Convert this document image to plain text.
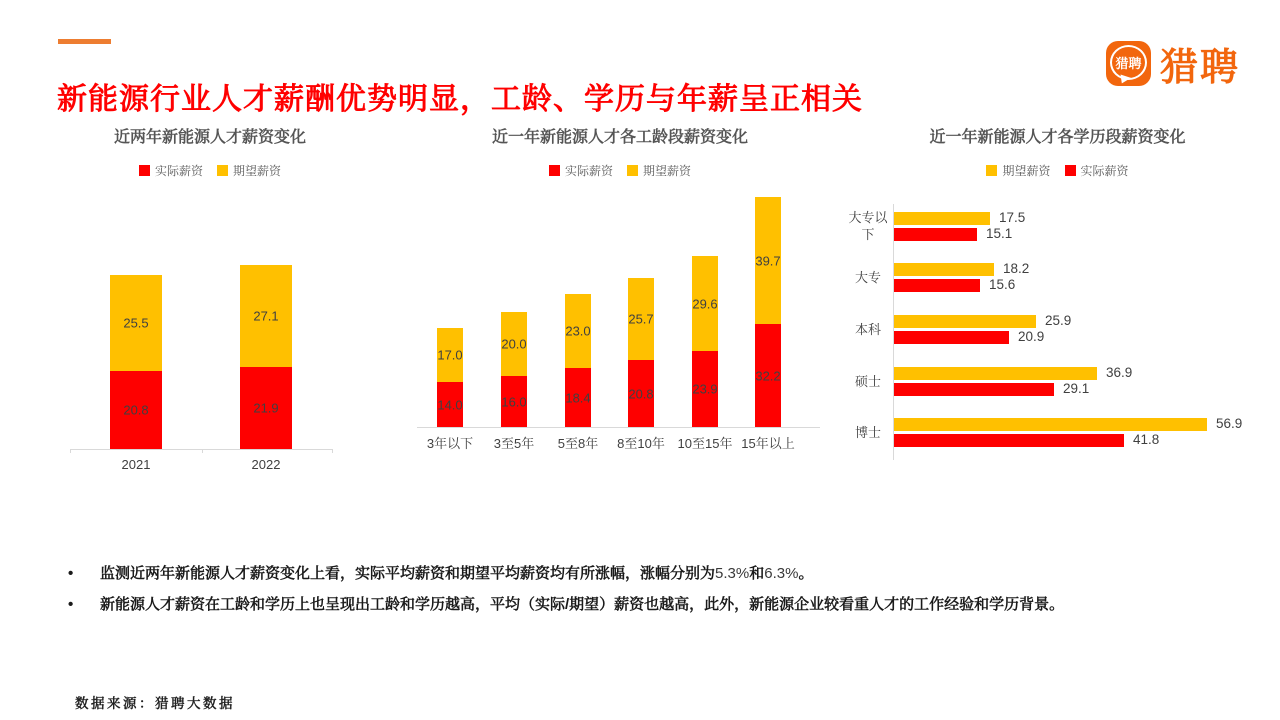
新能源行业人才薪酬优势明显，工龄、学历与年薪呈正相关
猎聘 猎聘
近两年新能源人才薪资变化
实际薪资	期望薪资
20.8
25.5
2021
21.9
27.1
2022
近一年新能源人才各工龄段薪资变化
实际薪资	期望薪资
14.0
17.0
3年以下
16.0
20.0
3至5年
18.4
23.0
5至8年
20.8
25.7
8至10年
23.9
29.6
10至15年
32.2
39.7
15年以上
近一年新能源人才各学历段薪资变化
期望薪资	实际薪资
大专以下
17.5
15.1
大专
18.2
15.6
本科
25.9
20.9
硕士
36.9
29.1
博士
56.9
41.8
•	监测近两年新能源人才薪资变化上看，实际平均薪资和期望平均薪资均有所涨幅，涨幅分别为5.3%和6.3%。
•	新能源人才薪资在工龄和学历上也呈现出工龄和学历越高，平均（实际/期望）薪资也越高，此外，新能源企业较看重人才的工作经验和学历背景。
数据来源：猎聘大数据
